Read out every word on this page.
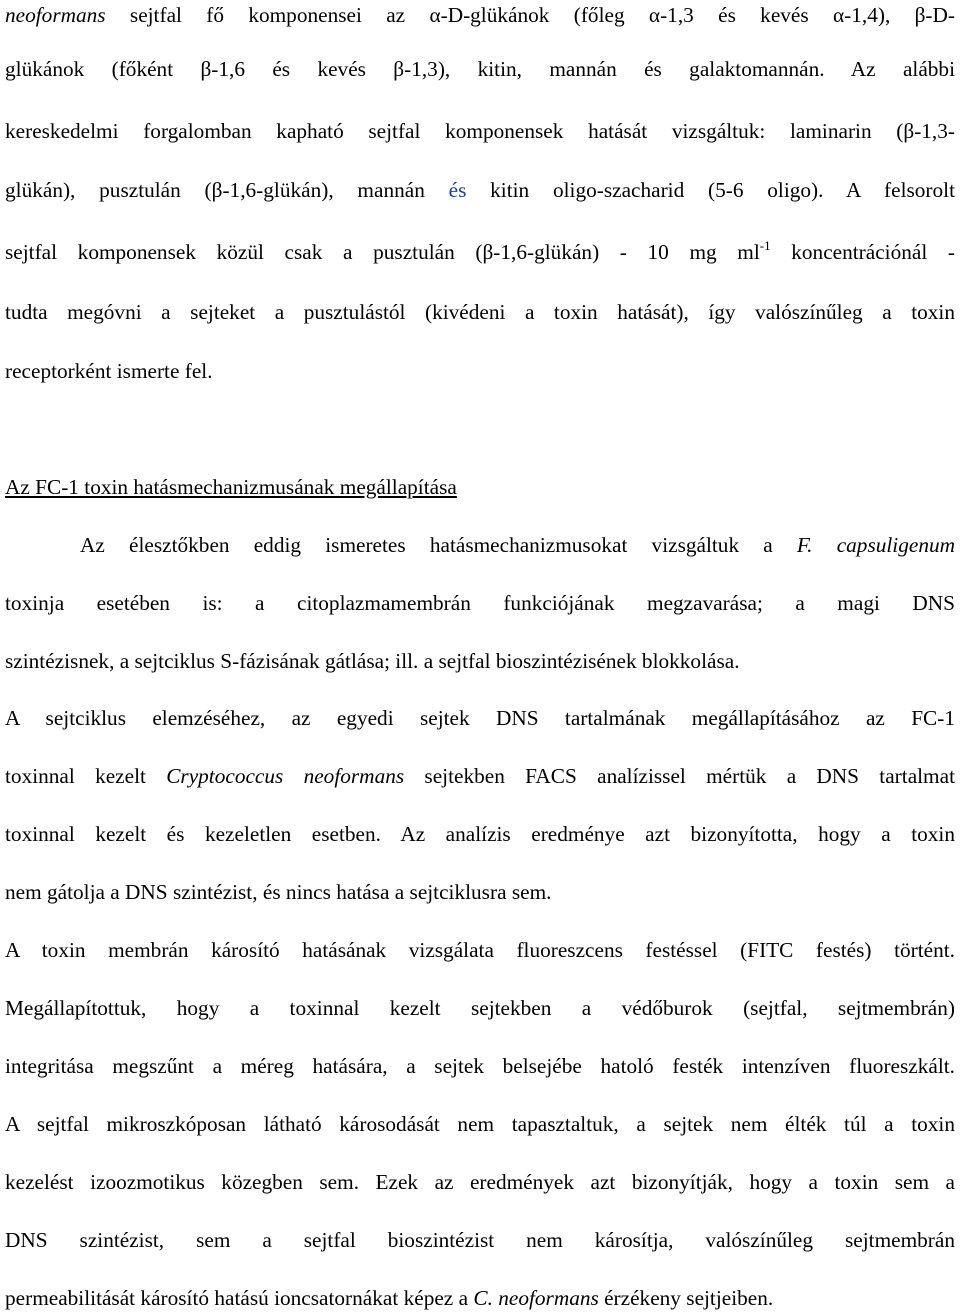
neoformans sejtfal fő komponensei az α-D-glükánok (főleg α-1,3 és kevés α-1,4), β-D-
glükánok (főként β-1,6 és kevés β-1,3), kitin, mannán és galaktomannán. Az alábbi
kereskedelmi forgalomban kapható sejtfal komponensek hatását vizsgáltuk: laminarin (β-1,3-
glükán), pusztulán (β-1,6-glükán), mannán és kitin oligo-szacharid (5-6 oligo). A felsorolt
sejtfal komponensek közül csak a pusztulán (β-1,6-glükán) - 10 mg $ml^{-1}$ koncentrációnál -
tudta megóvni a sejteket a pusztulástól (kivédeni a toxin hatását), így valószínűleg a toxin
receptorként ismerte fel.
Az FC-1 toxin hatásmechanizmusának megállapítása
Az élesztőkben eddig ismeretes hatásmechanizmusokat vizsgáltuk a F. capsuligenum
toxinja esetében is: a citoplazmamembrán funkciójának megzavarása; a magi DNS
szintézisnek, a sejtciklus S-fázisának gátlása; ill. a sejtfal bioszintézisének blokkolása.
A sejtciklus elemzéséhez, az egyedi sejtek DNS tartalmának megállapításához az FC-1
toxinnal kezelt Cryptococcus neoformans sejtekben FACS analízissel mértük a DNS tartalmat
toxinnal kezelt és kezeletlen esetben. Az analízis eredménye azt bizonyította, hogy a toxin
nem gátolja a DNS szintézist, és nincs hatása a sejtciklusra sem.
A toxin membrán károsító hatásának vizsgálata fluoreszcens festéssel (FITC festés) történt.
Megállapítottuk, hogy a toxinnal kezelt sejtekben a védőburok (sejtfal, sejtmembrán)
integritása megszűnt a méreg hatására, a sejtek belsejébe hatoló festék intenzíven fluoreszkált.
A sejtfal mikroszkóposan látható károsodását nem tapasztaltuk, a sejtek nem élték túl a toxin
kezelést izoozmotikus közegben sem. Ezek az eredmények azt bizonyítják, hogy a toxin sem a
DNS szintézist, sem a sejtfal bioszintézist nem károsítja, valószínűleg sejtmembrán
permeabilitását károsító hatású ioncsatornákat képez a C. neoformans érzékeny sejtjeiben.
